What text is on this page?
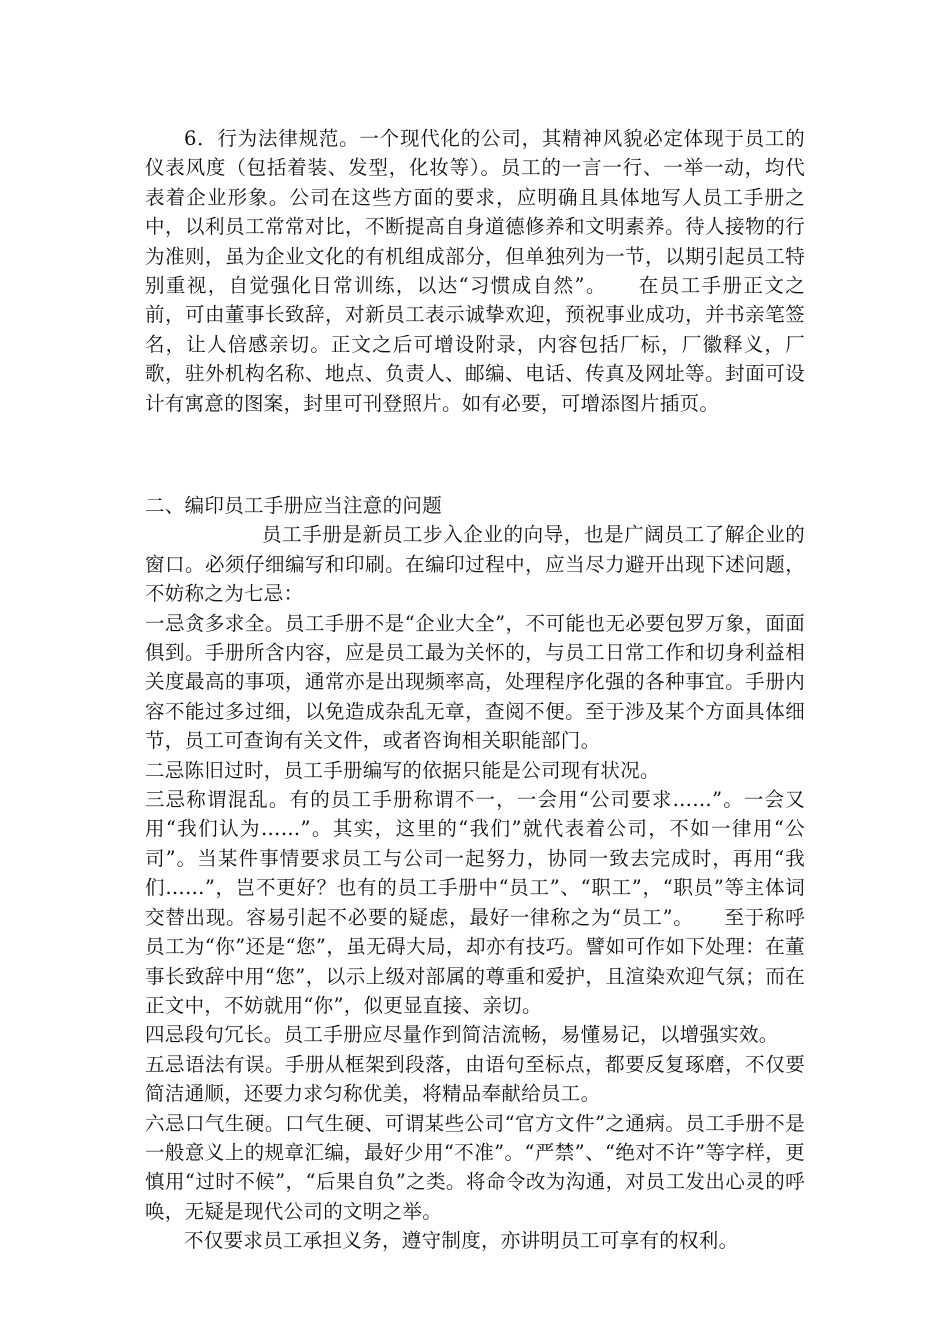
6．行为法律规范。一个现代化的公司，其精神风貌必定体现于员工的仪表风度（包括着装、发型，化妆等）。员工的一言一行、一举一动，均代表着企业形象。公司在这些方面的要求，应明确且具体地写人员工手册之中，以利员工常常对比，不断提高自身道德修养和文明素养。待人接物的行为准则，虽为企业文化的有机组成部分，但单独列为一节，以期引起员工特别重视，自觉强化日常训练，以达“习惯成自然”。　　在员工手册正文之前，可由董事长致辞，对新员工表示诚挚欢迎，预祝事业成功，并书亲笔签名，让人倍感亲切。正文之后可增设附录，内容包括厂标，厂徽释义，厂歌，驻外机构名称、地点、负责人、邮编、电话、传真及网址等。封面可设计有寓意的图案，封里可刊登照片。如有必要，可增添图片插页。

二、编印员工手册应当注意的问题

员工手册是新员工步入企业的向导，也是广阔员工了解企业的窗口。必须仔细编写和印刷。在编印过程中，应当尽力避开出现下述问题，不妨称之为七忌：

一忌贪多求全。员工手册不是“企业大全”，不可能也无必要包罗万象，面面俱到。手册所含内容，应是员工最为关怀的，与员工日常工作和切身利益相关度最高的事项，通常亦是出现频率高，处理程序化强的各种事宜。手册内容不能过多过细，以免造成杂乱无章，查阅不便。至于涉及某个方面具体细节，员工可查询有关文件，或者咨询相关职能部门。

二忌陈旧过时，员工手册编写的依据只能是公司现有状况。

三忌称谓混乱。有的员工手册称谓不一，一会用“公司要求……”。一会又用“我们认为……”。其实，这里的“我们”就代表着公司，不如一律用“公司”。当某件事情要求员工与公司一起努力，协同一致去完成时，再用“我们……”，岂不更好？也有的员工手册中“员工”、“职工”，“职员”等主体词交替出现。容易引起不必要的疑虑，最好一律称之为“员工”。　　至于称呼员工为“你”还是“您”，虽无碍大局，却亦有技巧。譬如可作如下处理：在董事长致辞中用“您”，以示上级对部属的尊重和爱护，且渲染欢迎气氛；而在正文中，不妨就用“你”，似更显直接、亲切。

四忌段句冗长。员工手册应尽量作到简洁流畅，易懂易记，以增强实效。

五忌语法有误。手册从框架到段落，由语句至标点，都要反复琢磨，不仅要简洁通顺，还要力求匀称优美，将精品奉献给员工。

六忌口气生硬。口气生硬、可谓某些公司“官方文件”之通病。员工手册不是一般意义上的规章汇编，最好少用“不准”。“严禁”、“绝对不许”等字样，更慎用“过时不候”，“后果自负”之类。将命令改为沟通，对员工发出心灵的呼唤，无疑是现代公司的文明之举。

不仅要求员工承担义务，遵守制度，亦讲明员工可享有的权利。
